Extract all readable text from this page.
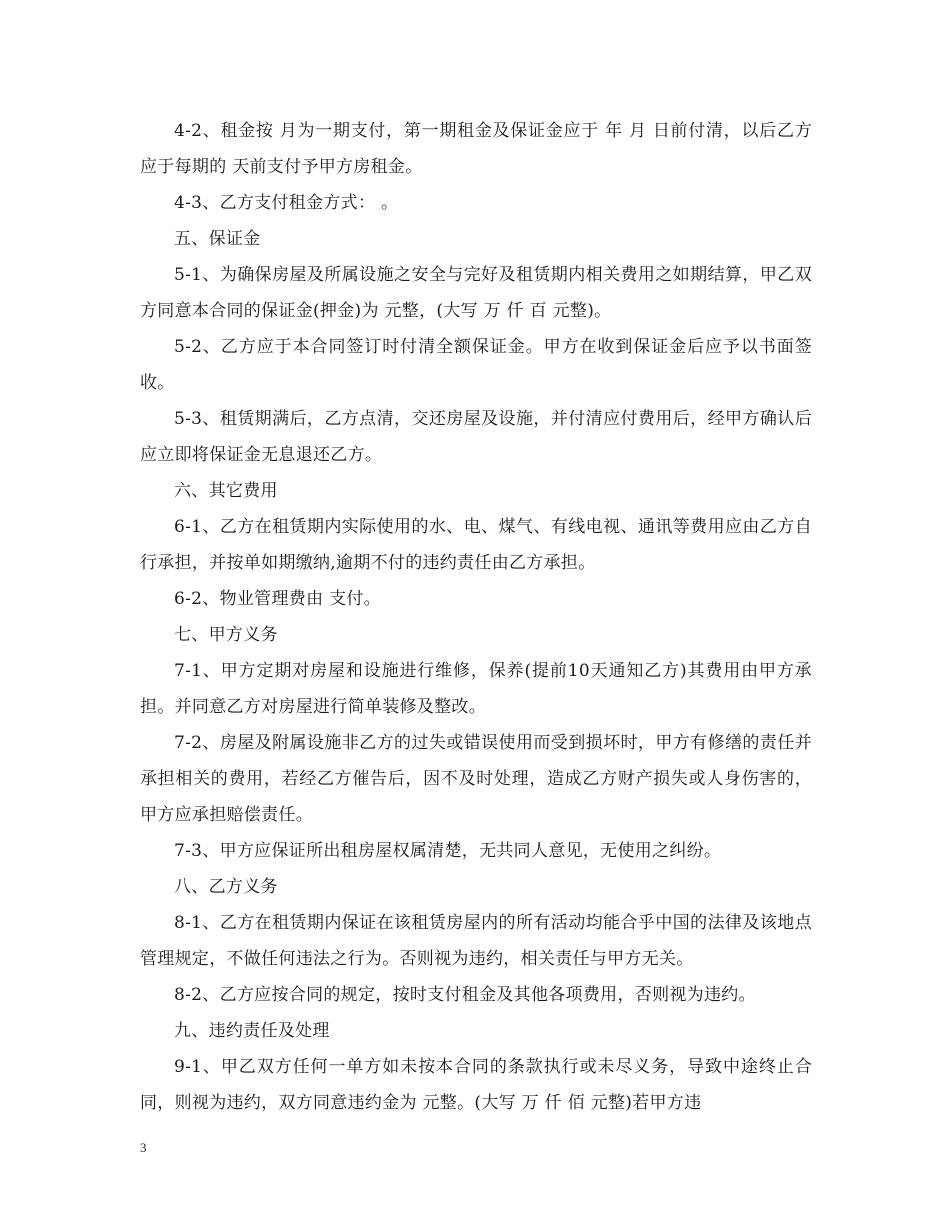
4-2、租金按 月为一期支付，第一期租金及保证金应于 年 月 日前付清，以后乙方应于每期的 天前支付予甲方房租金。

4-3、乙方支付租金方式： 。

五、保证金

5-1、为确保房屋及所属设施之安全与完好及租赁期内相关费用之如期结算，甲乙双方同意本合同的保证金(押金)为 元整，(大写 万 仟 百 元整)。

5-2、乙方应于本合同签订时付清全额保证金。甲方在收到保证金后应予以书面签收。

5-3、租赁期满后，乙方点清，交还房屋及设施，并付清应付费用后，经甲方确认后应立即将保证金无息退还乙方。

六、其它费用

6-1、乙方在租赁期内实际使用的水、电、煤气、有线电视、通讯等费用应由乙方自行承担，并按单如期缴纳,逾期不付的违约责任由乙方承担。

6-2、物业管理费由 支付。

七、甲方义务

7-1、甲方定期对房屋和设施进行维修，保养(提前10天通知乙方)其费用由甲方承担。并同意乙方对房屋进行简单装修及整改。

7-2、房屋及附属设施非乙方的过失或错误使用而受到损坏时，甲方有修缮的责任并承担相关的费用，若经乙方催告后，因不及时处理，造成乙方财产损失或人身伤害的，甲方应承担赔偿责任。

7-3、甲方应保证所出租房屋权属清楚，无共同人意见，无使用之纠纷。

八、乙方义务

8-1、乙方在租赁期内保证在该租赁房屋内的所有活动均能合乎中国的法律及该地点管理规定，不做任何违法之行为。否则视为违约，相关责任与甲方无关。

8-2、乙方应按合同的规定，按时支付租金及其他各项费用，否则视为违约。

九、违约责任及处理

9-1、甲乙双方任何一单方如未按本合同的条款执行或未尽义务，导致中途终止合同，则视为违约，双方同意违约金为 元整。(大写 万 仟 佰 元整)若甲方违

3
